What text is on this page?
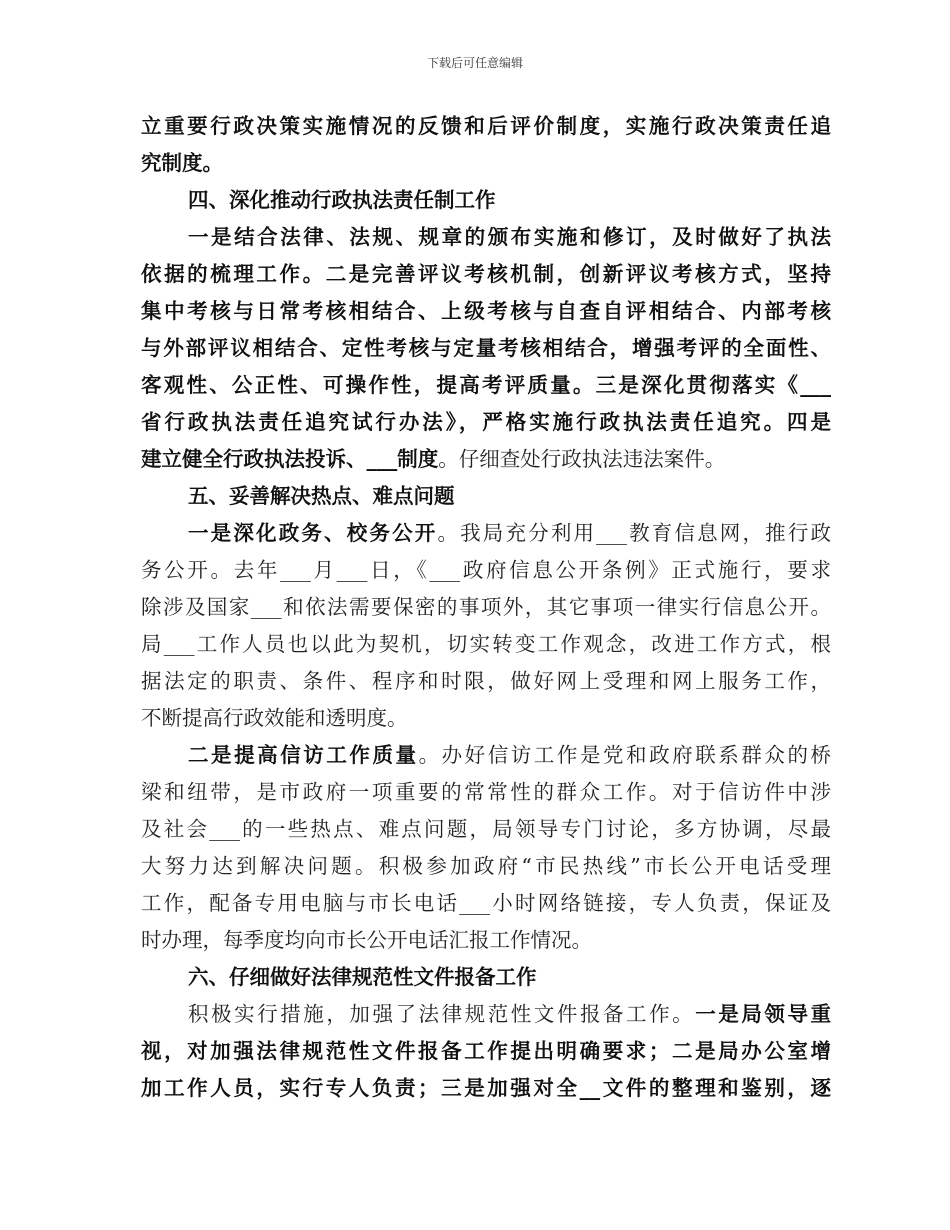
下载后可任意编辑
立重要行政决策实施情况的反馈和后评价制度，实施行政决策责任追
究制度。
四、深化推动行政执法责任制工作
一是结合法律、法规、规章的颁布实施和修订，及时做好了执法
依据的梳理工作。二是完善评议考核机制，创新评议考核方式，坚持
集中考核与日常考核相结合、上级考核与自查自评相结合、内部考核
与外部评议相结合、定性考核与定量考核相结合，增强考评的全面性、
客观性、公正性、可操作性，提高考评质量。三是深化贯彻落实《___
省行政执法责任追究试行办法》，严格实施行政执法责任追究。四是
建立健全行政执法投诉、___制度。仔细查处行政执法违法案件。
五、妥善解决热点、难点问题
一是深化政务、校务公开。我局充分利用___教育信息网，推行政
务公开。去年___月___日，《___政府信息公开条例》正式施行，要求
除涉及国家___和依法需要保密的事项外，其它事项一律实行信息公开。
局___工作人员也以此为契机，切实转变工作观念，改进工作方式，根
据法定的职责、条件、程序和时限，做好网上受理和网上服务工作，
不断提高行政效能和透明度。
二是提高信访工作质量。办好信访工作是党和政府联系群众的桥
梁和纽带，是市政府一项重要的常常性的群众工作。对于信访件中涉
及社会___的一些热点、难点问题，局领导专门讨论，多方协调，尽最
大努力达到解决问题。积极参加政府“市民热线”市长公开电话受理
工作，配备专用电脑与市长电话___小时网络链接，专人负责，保证及
时办理，每季度均向市长公开电话汇报工作情况。
六、仔细做好法律规范性文件报备工作
积极实行措施，加强了法律规范性文件报备工作。一是局领导重
视，对加强法律规范性文件报备工作提出明确要求；二是局办公室增
加工作人员，实行专人负责；三是加强对全__文件的整理和鉴别，逐
